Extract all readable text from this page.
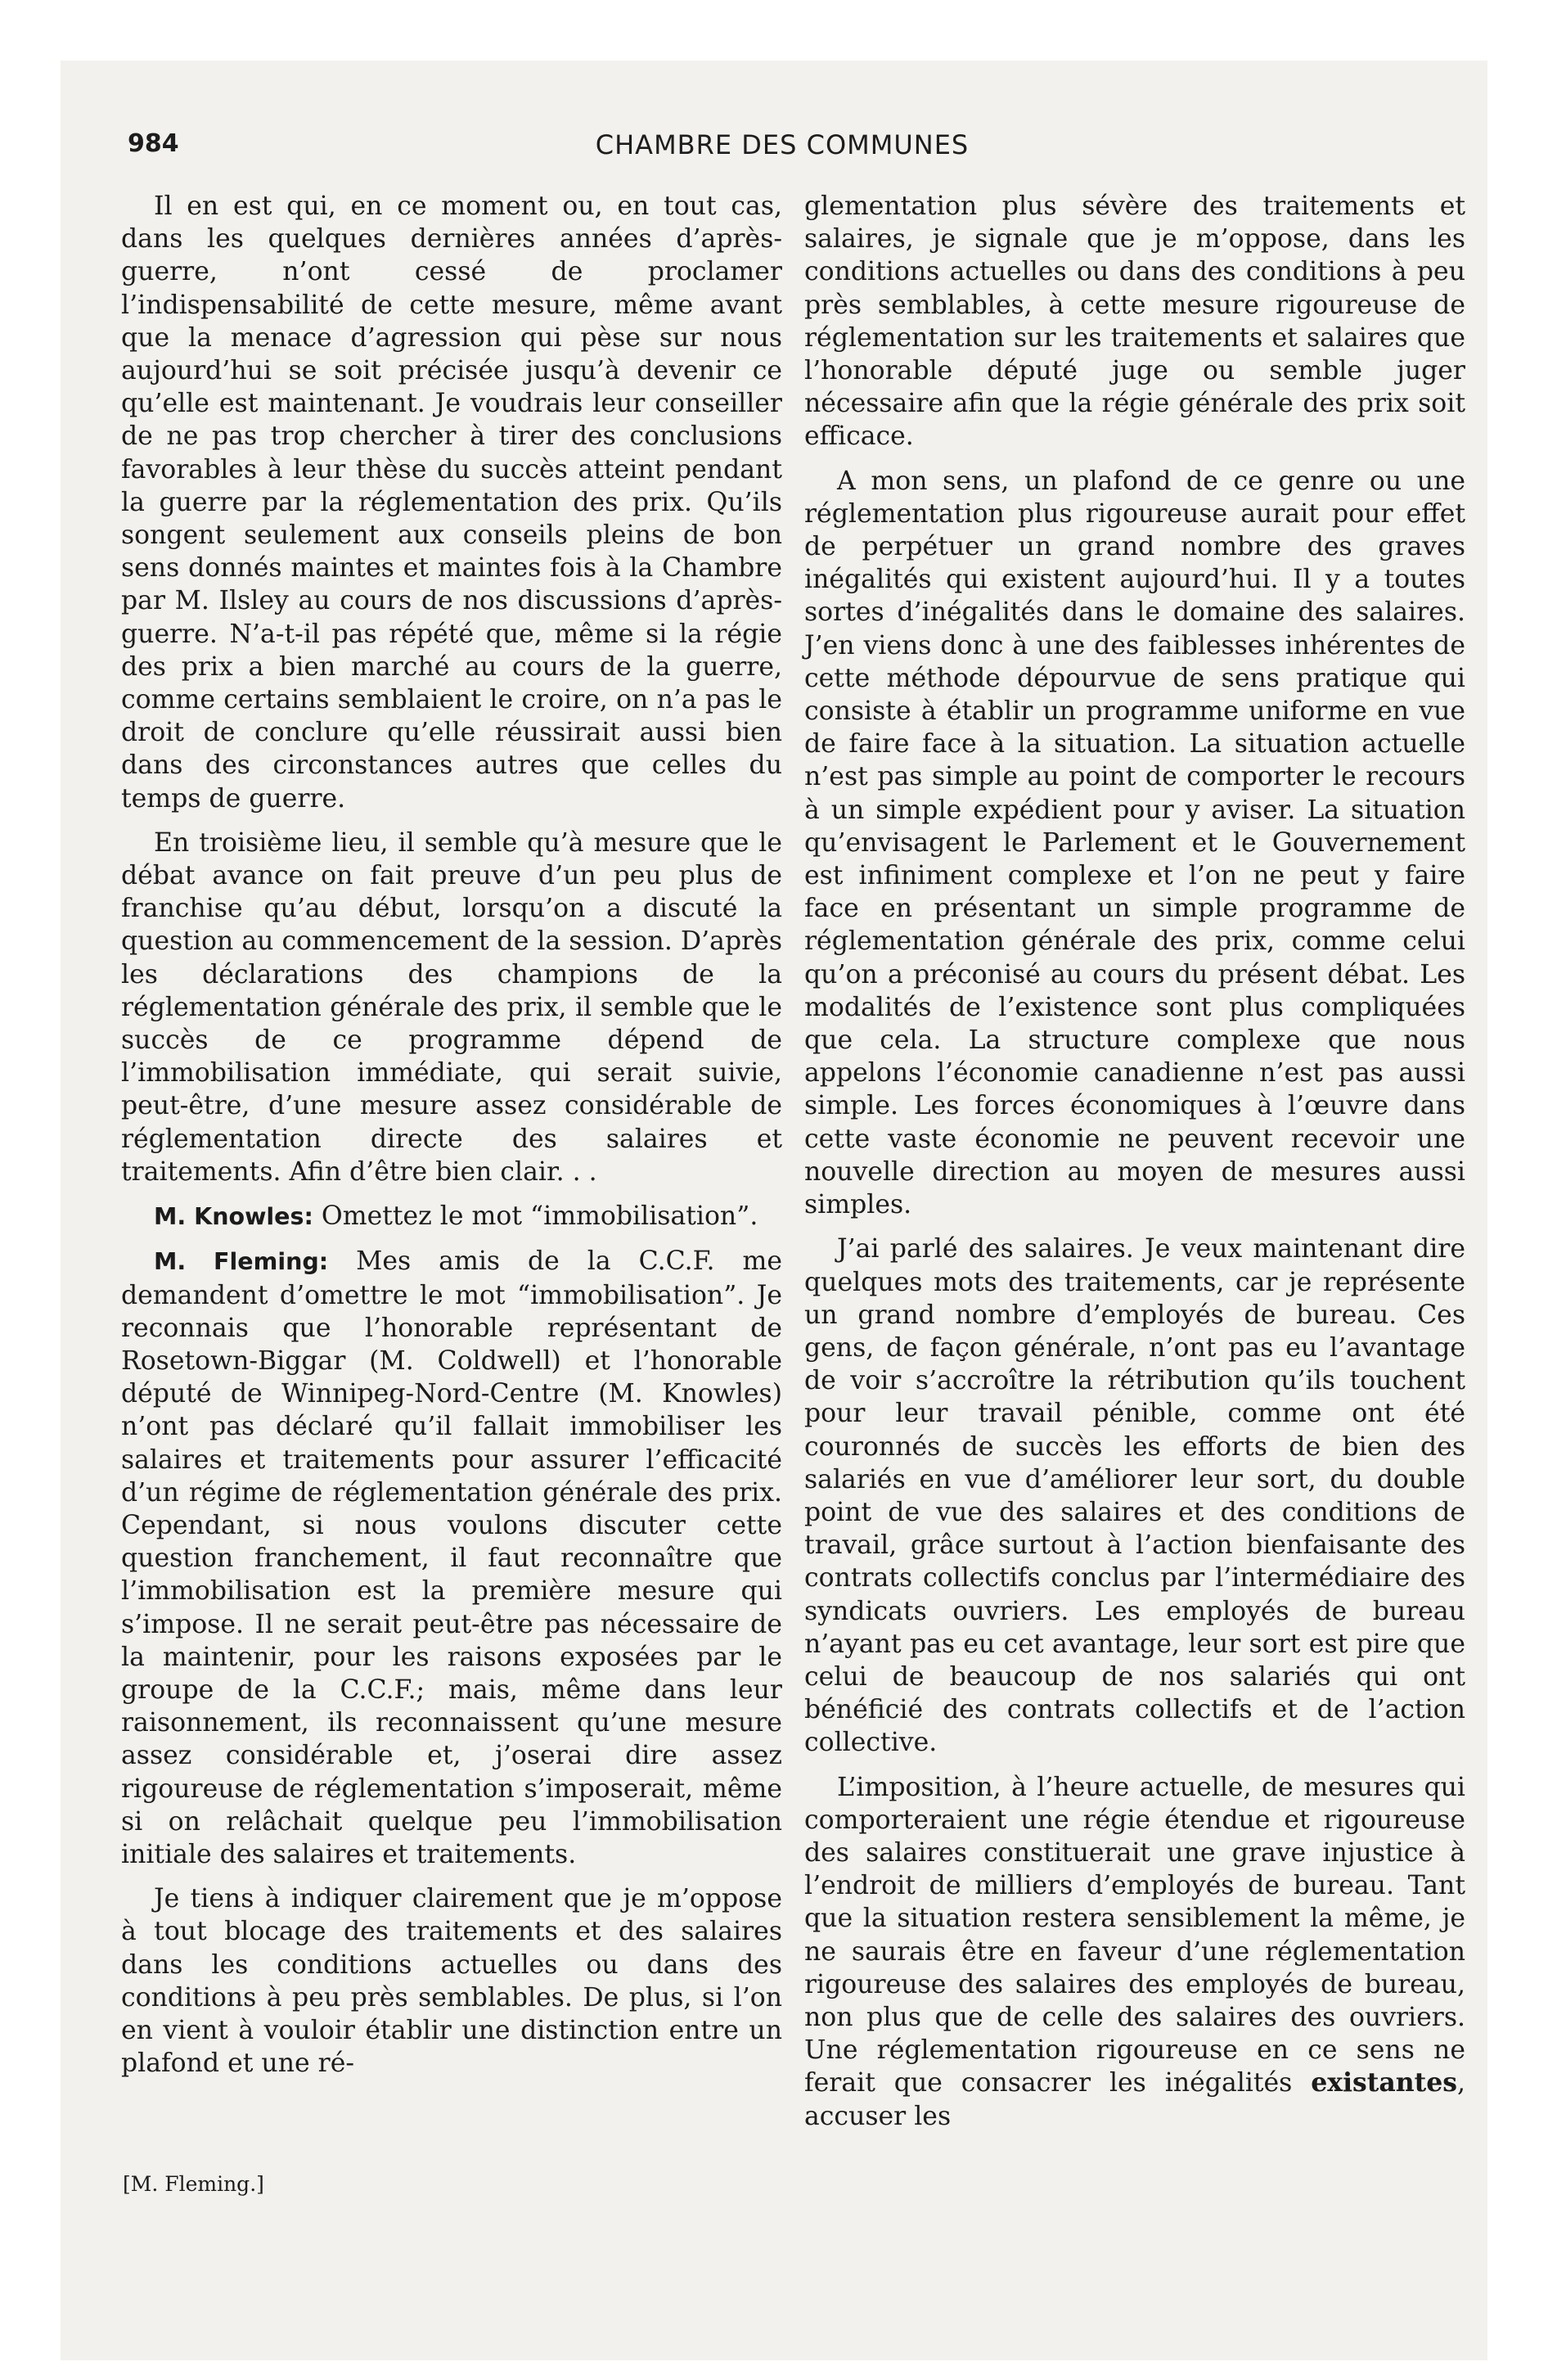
984	CHAMBRE DES COMMUNES

Il en est qui, en ce moment ou, en tout cas, dans les quelques dernières années d’après-guerre, n’ont cessé de proclamer l’indispensabilité de cette mesure, même avant que la menace d’agression qui pèse sur nous aujourd’hui se soit précisée jusqu’à devenir ce qu’elle est maintenant. Je voudrais leur conseiller de ne pas trop chercher à tirer des conclusions favorables à leur thèse du succès atteint pendant la guerre par la réglementation des prix. Qu’ils songent seulement aux conseils pleins de bon sens donnés maintes et maintes fois à la Chambre par M. Ilsley au cours de nos discussions d’après-guerre. N’a-t-il pas répété que, même si la régie des prix a bien marché au cours de la guerre, comme certains semblaient le croire, on n’a pas le droit de conclure qu’elle réussirait aussi bien dans des circonstances autres que celles du temps de guerre.

En troisième lieu, il semble qu’à mesure que le débat avance on fait preuve d’un peu plus de franchise qu’au début, lorsqu’on a discuté la question au commencement de la session. D’après les déclarations des champions de la réglementation générale des prix, il semble que le succès de ce programme dépend de l’immobilisation immédiate, qui serait suivie, peut-être, d’une mesure assez considérable de réglementation directe des salaires et traitements. Afin d’être bien clair. . .

M. Knowles: Omettez le mot “immobilisation”.

M. Fleming: Mes amis de la C.C.F. me demandent d’omettre le mot “immobilisation”. Je reconnais que l’honorable représentant de Rosetown-Biggar (M. Coldwell) et l’honorable député de Winnipeg-Nord-Centre (M. Knowles) n’ont pas déclaré qu’il fallait immobiliser les salaires et traitements pour assurer l’efficacité d’un régime de réglementation générale des prix. Cependant, si nous voulons discuter cette question franchement, il faut reconnaître que l’immobilisation est la première mesure qui s’impose. Il ne serait peut-être pas nécessaire de la maintenir, pour les raisons exposées par le groupe de la C.C.F.; mais, même dans leur raisonnement, ils reconnaissent qu’une mesure assez considérable et, j’oserai dire assez rigoureuse de réglementation s’imposerait, même si on relâchait quelque peu l’immobilisation initiale des salaires et traitements.

Je tiens à indiquer clairement que je m’oppose à tout blocage des traitements et des salaires dans les conditions actuelles ou dans des conditions à peu près semblables. De plus, si l’on en vient à vouloir établir une distinction entre un plafond et une ré-

glementation plus sévère des traitements et salaires, je signale que je m’oppose, dans les conditions actuelles ou dans des conditions à peu près semblables, à cette mesure rigoureuse de réglementation sur les traitements et salaires que l’honorable député juge ou semble juger nécessaire afin que la régie générale des prix soit efficace.

A mon sens, un plafond de ce genre ou une réglementation plus rigoureuse aurait pour effet de perpétuer un grand nombre des graves inégalités qui existent aujourd’hui. Il y a toutes sortes d’inégalités dans le domaine des salaires. J’en viens donc à une des faiblesses inhérentes de cette méthode dépourvue de sens pratique qui consiste à établir un programme uniforme en vue de faire face à la situation. La situation actuelle n’est pas simple au point de comporter le recours à un simple expédient pour y aviser. La situation qu’envisagent le Parlement et le Gouvernement est infiniment complexe et l’on ne peut y faire face en présentant un simple programme de réglementation générale des prix, comme celui qu’on a préconisé au cours du présent débat. Les modalités de l’existence sont plus compliquées que cela. La structure complexe que nous appelons l’économie canadienne n’est pas aussi simple. Les forces économiques à l’œuvre dans cette vaste économie ne peuvent recevoir une nouvelle direction au moyen de mesures aussi simples.

J’ai parlé des salaires. Je veux maintenant dire quelques mots des traitements, car je représente un grand nombre d’employés de bureau. Ces gens, de façon générale, n’ont pas eu l’avantage de voir s’accroître la rétribution qu’ils touchent pour leur travail pénible, comme ont été couronnés de succès les efforts de bien des salariés en vue d’améliorer leur sort, du double point de vue des salaires et des conditions de travail, grâce surtout à l’action bienfaisante des contrats collectifs conclus par l’intermédiaire des syndicats ouvriers. Les employés de bureau n’ayant pas eu cet avantage, leur sort est pire que celui de beaucoup de nos salariés qui ont bénéficié des contrats collectifs et de l’action collective.

L’imposition, à l’heure actuelle, de mesures qui comporteraient une régie étendue et rigoureuse des salaires constituerait une grave injustice à l’endroit de milliers d’employés de bureau. Tant que la situation restera sensiblement la même, je ne saurais être en faveur d’une réglementation rigoureuse des salaires des employés de bureau, non plus que de celle des salaires des ouvriers. Une réglementation rigoureuse en ce sens ne ferait que consacrer les inégalités existantes, accuser les

[M. Fleming.]
